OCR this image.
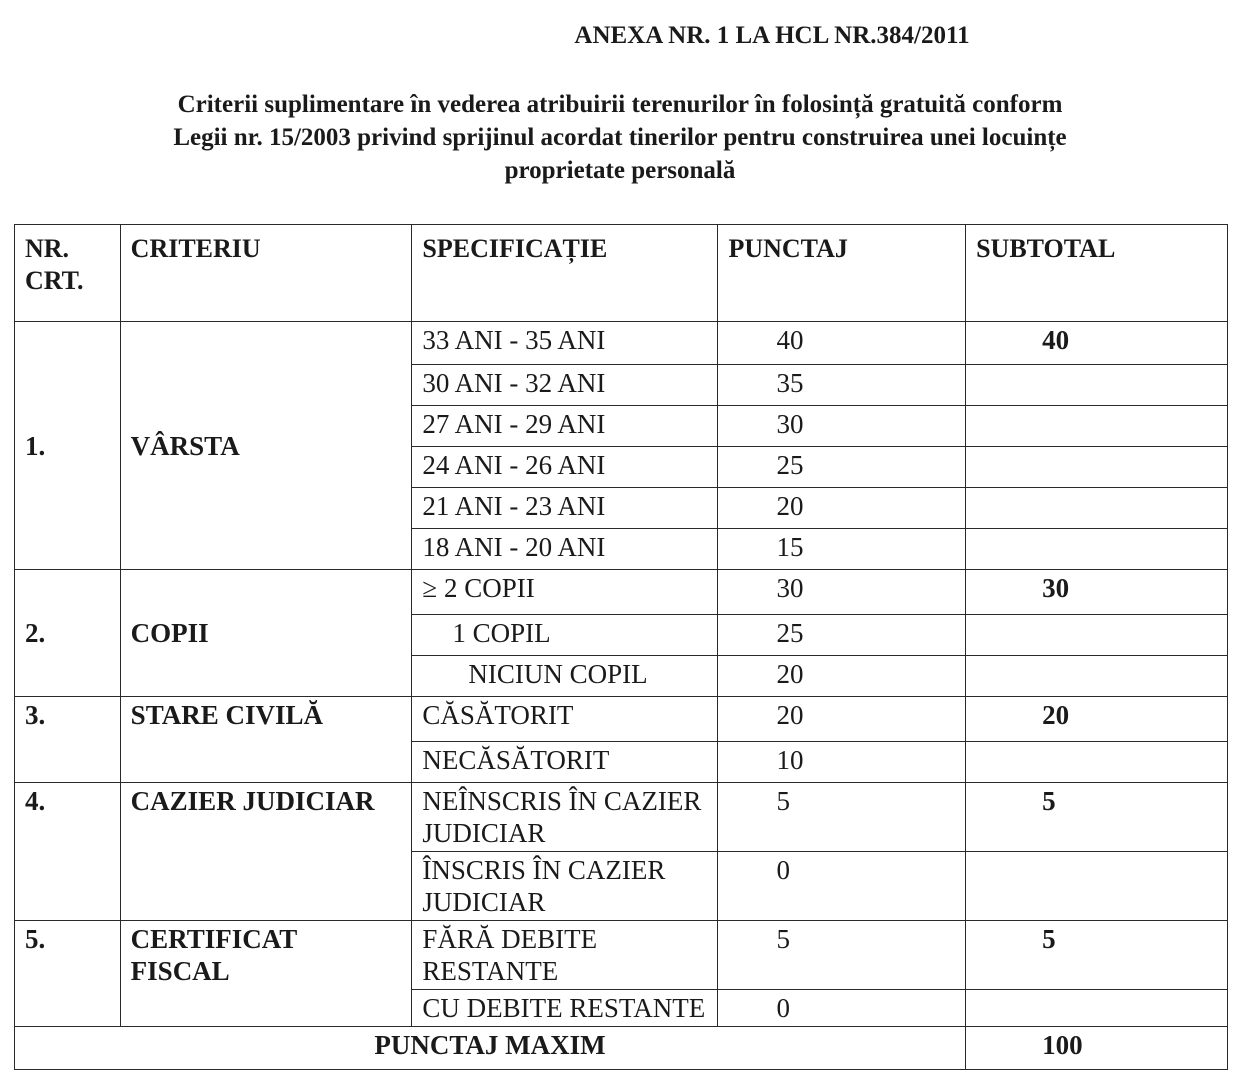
ANEXA NR. 1 LA HCL NR.384/2011
Criterii suplimentare în vederea atribuirii terenurilor în folosință gratuită conform
Legii nr. 15/2003 privind sprijinul acordat tinerilor pentru construirea unei locuințe
proprietate personală
NR. CRT.	CRITERIU	SPECIFICAȚIE	PUNCTAJ	SUBTOTAL
1.	VÂRSTA	33 ANI - 35 ANI	40	40
		30 ANI - 32 ANI	35	
		27 ANI - 29 ANI	30	
		24 ANI - 26 ANI	25	
		21 ANI - 23 ANI	20	
		18 ANI - 20 ANI	15	
2.	COPII	≥ 2 COPII	30	30
		1 COPIL	25	
		NICIUN COPIL	20	
3.	STARE CIVILĂ	CĂSĂTORIT	20	20
		NECĂSĂTORIT	10	
4.	CAZIER JUDICIAR	NEÎNSCRIS ÎN CAZIER JUDICIAR	5	5
		ÎNSCRIS ÎN CAZIER JUDICIAR	0	
5.	CERTIFICAT FISCAL	FĂRĂ DEBITE RESTANTE	5	5
		CU DEBITE RESTANTE	0	
PUNCTAJ MAXIM				100
